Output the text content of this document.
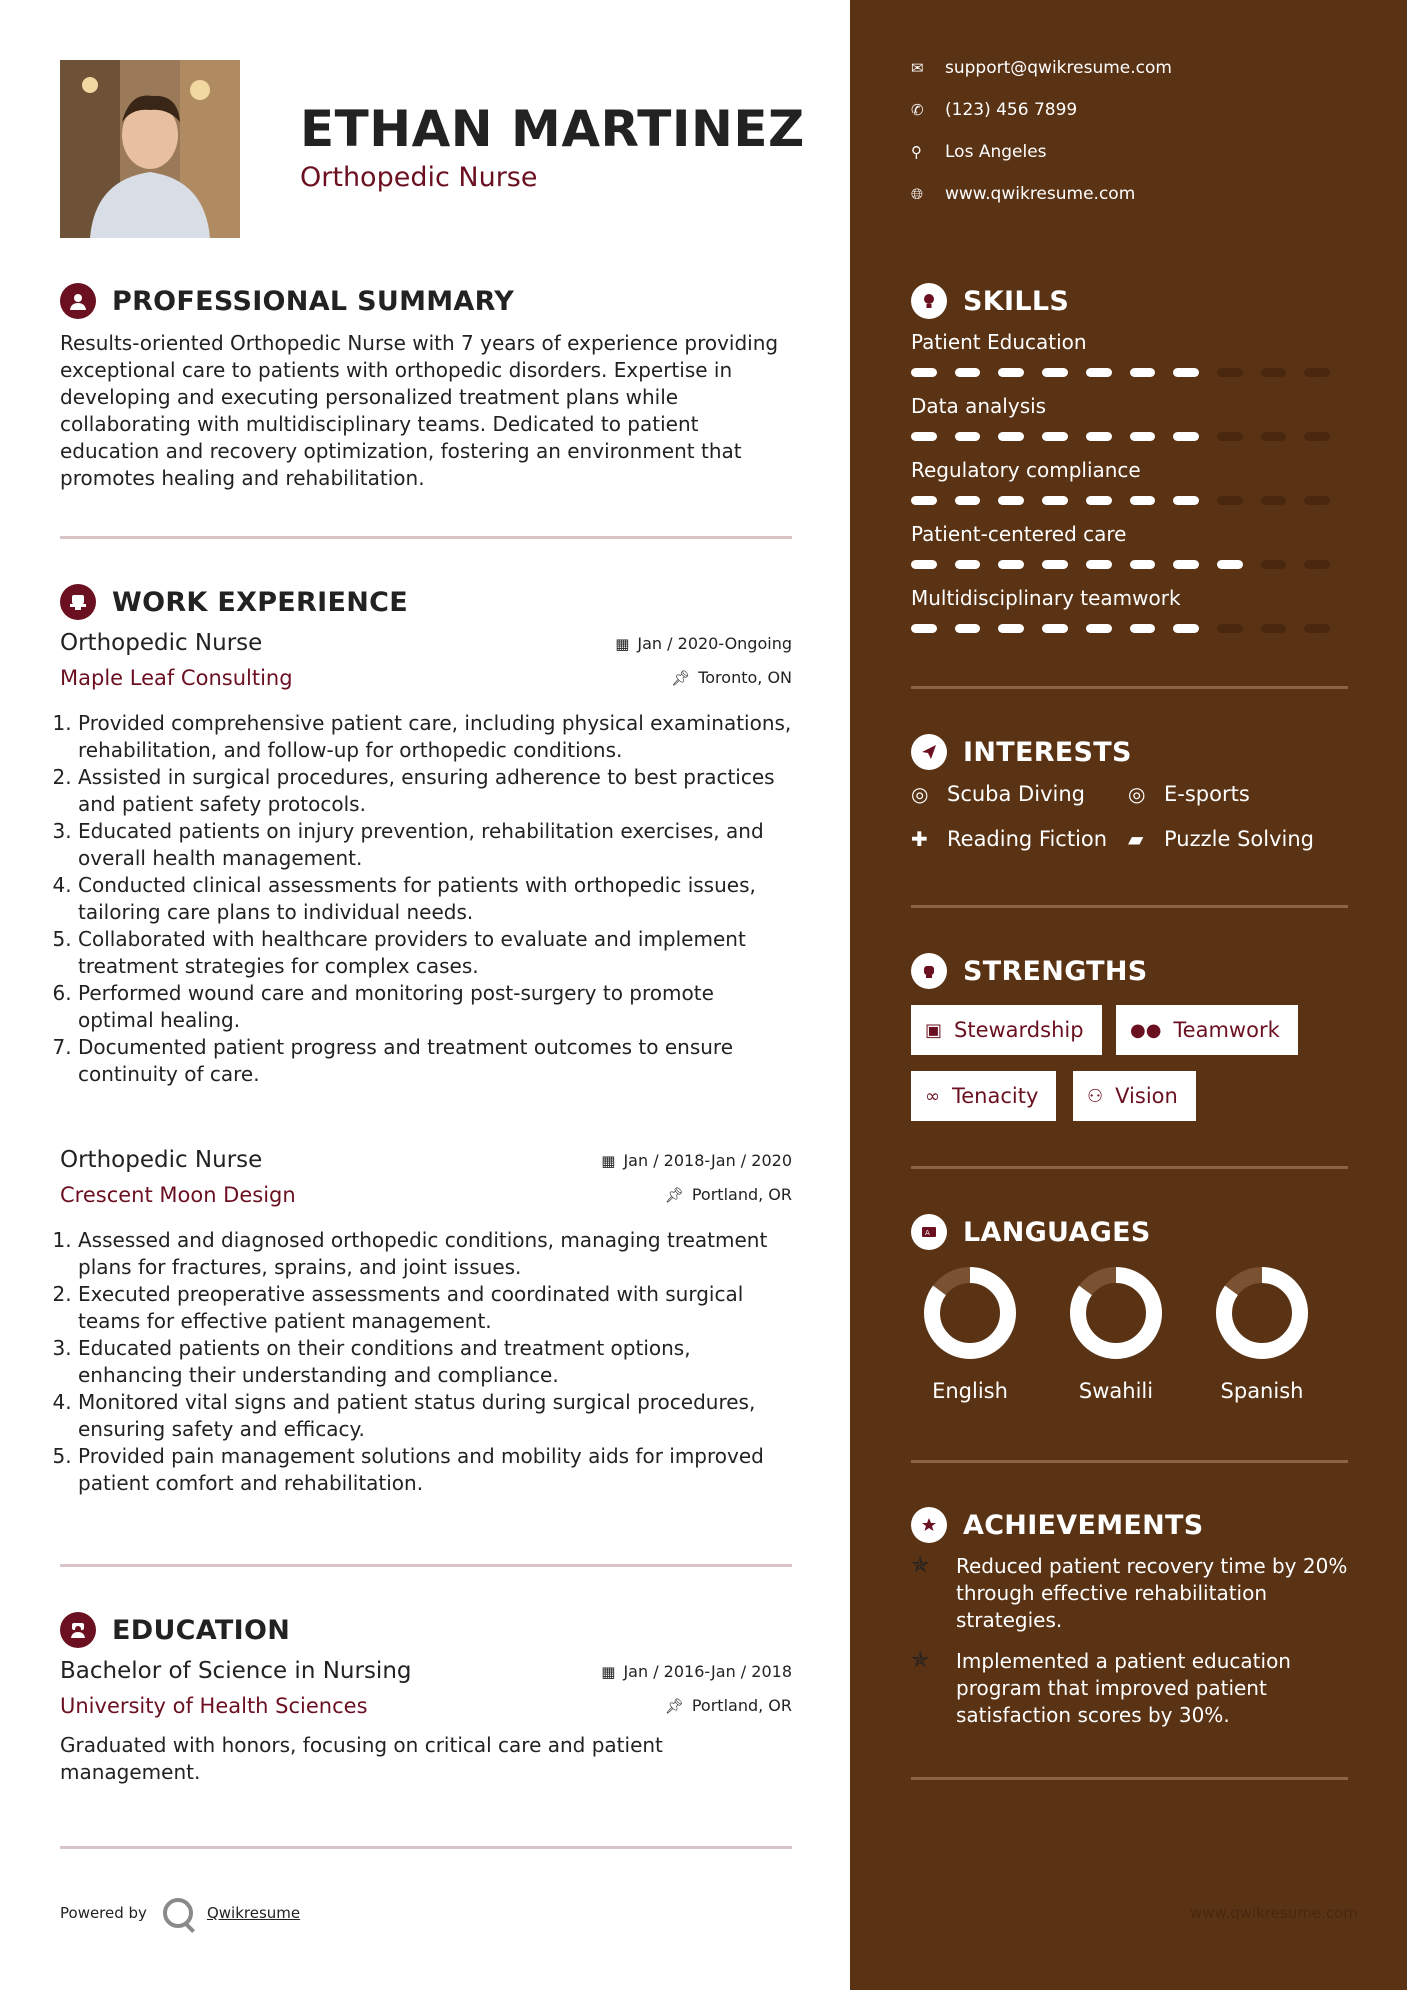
ETHAN MARTINEZ
Orthopedic Nurse
PROFESSIONAL SUMMARY
Results-oriented Orthopedic Nurse with 7 years of experience providing exceptional care to patients with orthopedic disorders. Expertise in developing and executing personalized treatment plans while collaborating with multidisciplinary teams. Dedicated to patient education and recovery optimization, fostering an environment that promotes healing and rehabilitation.
WORK EXPERIENCE
Orthopedic Nurse
Maple Leaf Consulting
▦ Jan / 2020-Ongoing
📌︎ Toronto, ON
1. Provided comprehensive patient care, including physical examinations, rehabilitation, and follow-up for orthopedic conditions.
2. Assisted in surgical procedures, ensuring adherence to best practices and patient safety protocols.
3. Educated patients on injury prevention, rehabilitation exercises, and overall health management.
4. Conducted clinical assessments for patients with orthopedic issues, tailoring care plans to individual needs.
5. Collaborated with healthcare providers to evaluate and implement treatment strategies for complex cases.
6. Performed wound care and monitoring post-surgery to promote optimal healing.
7. Documented patient progress and treatment outcomes to ensure continuity of care.
Orthopedic Nurse
Crescent Moon Design
▦ Jan / 2018-Jan / 2020
📌︎ Portland, OR
1. Assessed and diagnosed orthopedic conditions, managing treatment plans for fractures, sprains, and joint issues.
2. Executed preoperative assessments and coordinated with surgical teams for effective patient management.
3. Educated patients on their conditions and treatment options, enhancing their understanding and compliance.
4. Monitored vital signs and patient status during surgical procedures, ensuring safety and efficacy.
5. Provided pain management solutions and mobility aids for improved patient comfort and rehabilitation.
EDUCATION
Bachelor of Science in Nursing
University of Health Sciences
▦ Jan / 2016-Jan / 2018
📌︎ Portland, OR
Graduated with honors, focusing on critical care and patient management.
Powered by	Qwikresume
✉	support@qwikresume.com
✆	(123) 456 7899
⚲	Los Angeles
🌐︎	www.qwikresume.com
SKILLS
Patient Education
Data analysis
Regulatory compliance
Patient-centered care
Multidisciplinary teamwork
INTERESTS
◎ Scuba Diving ◎ E-sports
✚ Reading Fiction ▰ Puzzle Solving
STRENGTHS
▣ Stewardship	●● Teamwork
∞ Tenacity	⚇ Vision
A LANGUAGES
English	Swahili	Spanish
ACHIEVEMENTS
✯	Reduced patient recovery time by 20% through effective rehabilitation strategies.
✯	Implemented a patient education program that improved patient satisfaction scores by 30%.
www.qwikresume.com
